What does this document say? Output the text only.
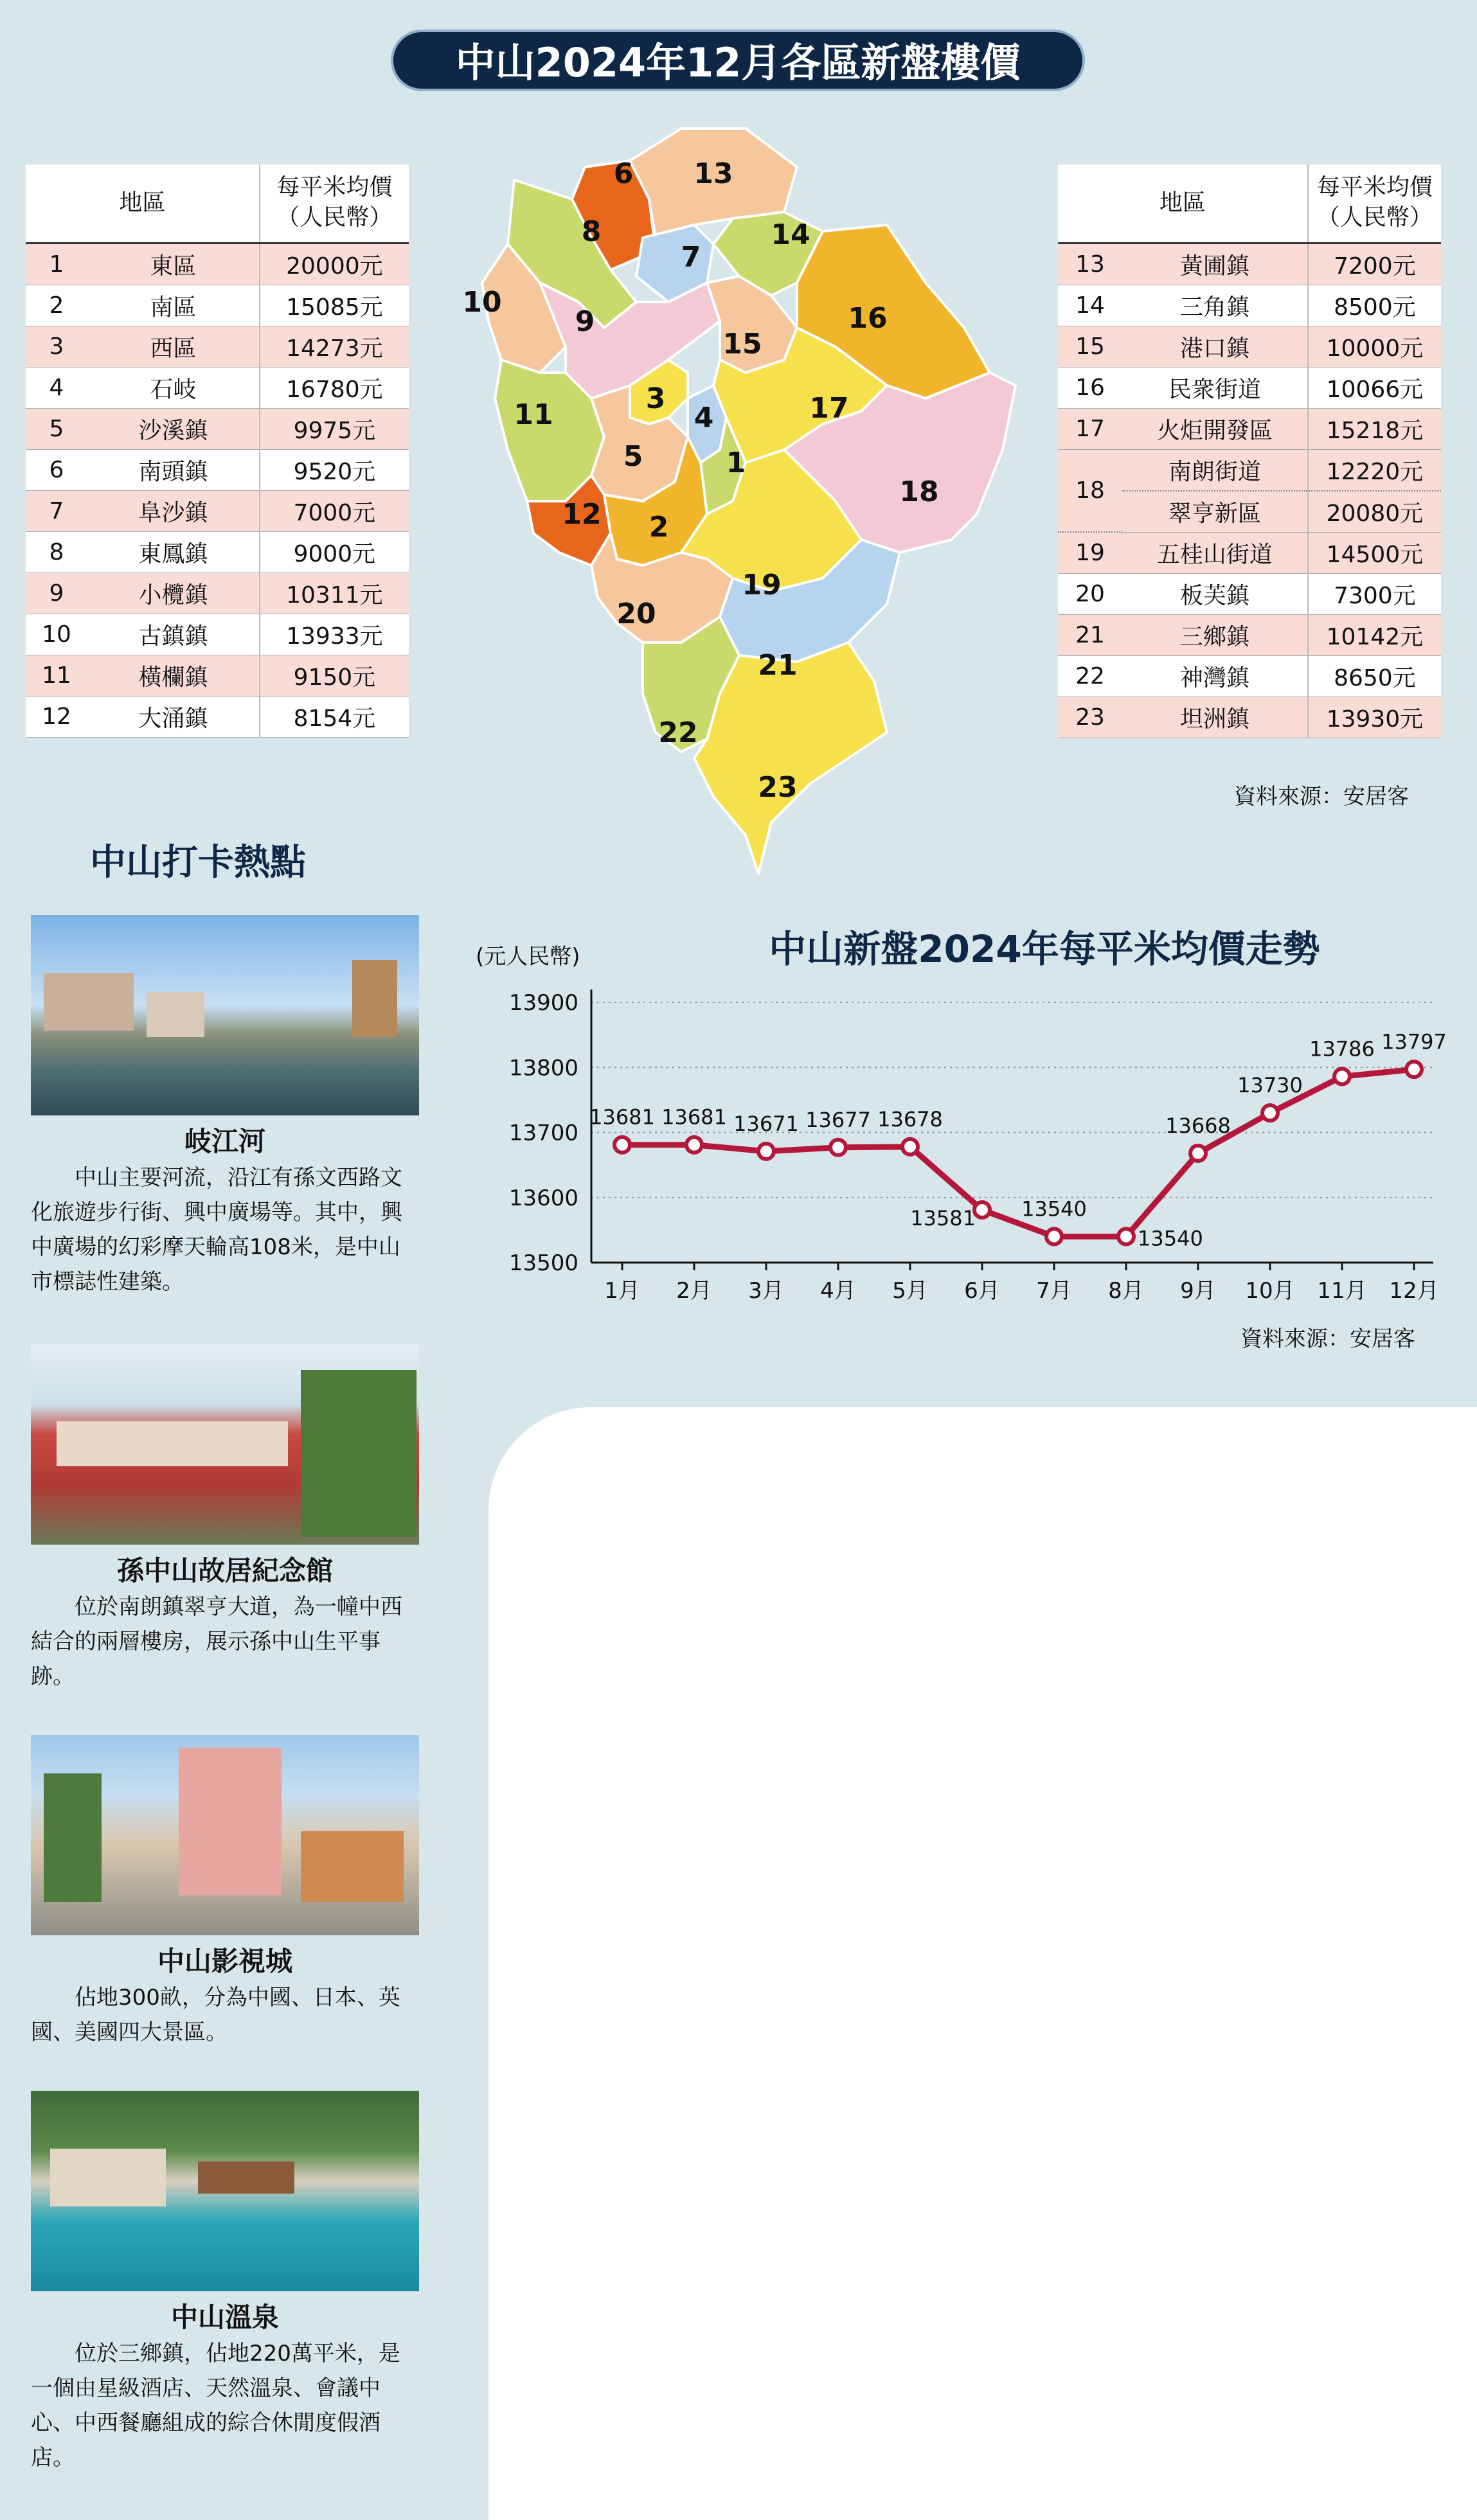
中山2024年12月各區新盤樓價
地區		每平米均價
（人民幣）
1	東區	20000元
2	南區	15085元
3	西區	14273元
4	石岐	16780元
5	沙溪鎮	9975元
6	南頭鎮	9520元
7	阜沙鎮	7000元
8	東鳳鎮	9000元
9	小欖鎮	10311元
10	古鎮鎮	13933元
11	橫欄鎮	9150元
12	大涌鎮	8154元
地區		每平米均價
（人民幣）
13	黃圃鎮	7200元
14	三角鎮	8500元
15	港口鎮	10000元
16	民衆街道	10066元
17	火炬開發區	15218元
18	南朗街道	12220元
	翠亨新區	20080元
19	五桂山街道	14500元
20	板芙鎮	7300元
21	三鄉鎮	10142元
22	神灣鎮	8650元
23	坦洲鎮	13930元
資料來源：安居客
1
2
3
4
5
6
7
8
9
10
11
12
13
14
15
16
17
18
19
20
21
22
23
中山打卡熱點
岐江河
中山主要河流，沿江有孫文西路文化旅遊步行街、興中廣場等。其中，興中廣場的幻彩摩天輪高108米，是中山市標誌性建築。
孫中山故居紀念館
位於南朗鎮翠亨大道，為一幢中西結合的兩層樓房，展示孫中山生平事跡。
中山影視城
佔地300畝，分為中國、日本、英國、美國四大景區。
中山溫泉
位於三鄉鎮，佔地220萬平米，是一個由星級酒店、天然溫泉、會議中心、中西餐廳組成的綜合休閒度假酒店。
中山新盤2024年每平米均價走勢
(元人民幣)
13900
13800
13700
13600
13500
1月 2月 3月 4月 5月 6月 7月 8月 9月 10月 11月 12月
13681 13681 13671 13677 13678
13581 13540
13540
13668
13730
13786 13797
資料來源：安居客
